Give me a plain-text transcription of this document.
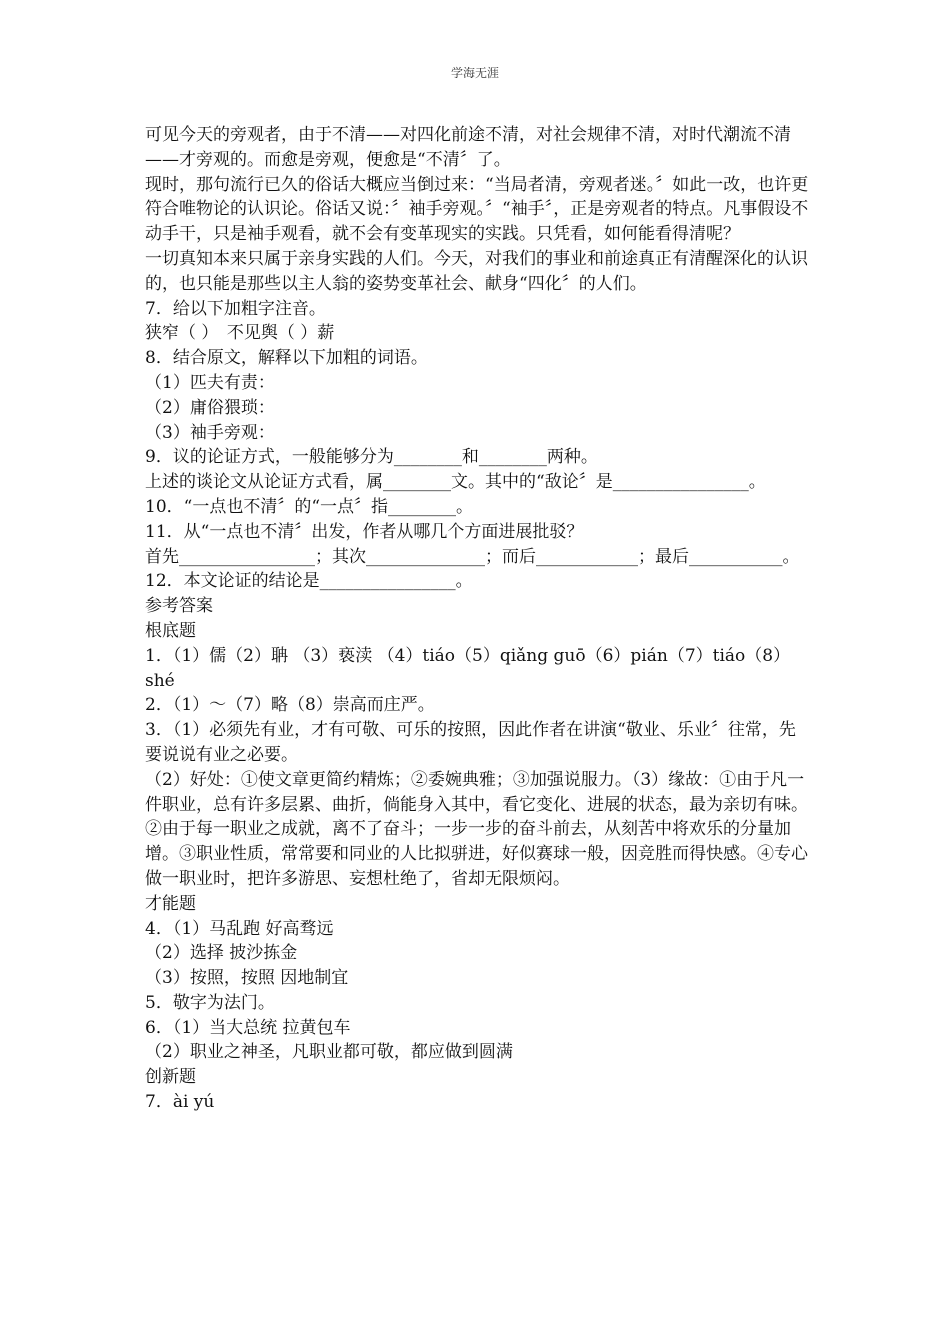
学海无涯

可见今天的旁观者，由于不清——对四化前途不清，对社会规律不清，对时代潮流不清——才旁观的。而愈是旁观，便愈是“不清〞了。

现时，那句流行已久的俗话大概应当倒过来：“当局者清，旁观者迷。〞如此一改，也许更符合唯物论的认识论。俗话又说：〞袖手旁观。〞“袖手〞，正是旁观者的特点。凡事假设不动手干，只是袖手观看，就不会有变革现实的实践。只凭看，如何能看得清呢？

一切真知本来只属于亲身实践的人们。今天，对我们的事业和前途真正有清醒深化的认识的，也只能是那些以主人翁的姿势变革社会、献身“四化〞的人们。

7．给以下加粗字注音。

狭窄（ ）　不见舆（ ）薪

8．结合原文，解释以下加粗的词语。

（1）匹夫有责：

（2）庸俗猥琐：

（3）袖手旁观：

9．议的论证方式，一般能够分为________和________两种。

上述的谈论文从论证方式看，属________文。其中的“敌论〞是________________。

10．“一点也不清〞的“一点〞指________。

11．从“一点也不清〞出发，作者从哪几个方面进展批驳？

首先________________；其次______________；而后____________；最后___________。

12．本文论证的结论是________________。

参考答案

根底题

1．（1）儒（2）聃 （3）亵渎 （4）tiáo（5）qiǎng guō（6）pián（7）tiáo（8）shé

2．（1）～（7）略（8）崇高而庄严。

3．（1）必须先有业，才有可敬、可乐的按照，因此作者在讲演“敬业、乐业〞往常，先要说说有业之必要。

（2）好处：①使文章更简约精炼；②委婉典雅；③加强说服力。（3）缘故：①由于凡一件职业，总有许多层累、曲折，倘能身入其中，看它变化、进展的状态，最为亲切有味。②由于每一职业之成就，离不了奋斗；一步一步的奋斗前去，从刻苦中将欢乐的分量加增。③职业性质，常常要和同业的人比拟骈进，好似赛球一般，因竞胜而得快感。④专心做一职业时，把许多游思、妄想杜绝了，省却无限烦闷。

才能题

4．（1）马乱跑 好高骛远

（2）选择 披沙拣金

（3）按照，按照 因地制宜

5．敬字为法门。

6．（1）当大总统 拉黄包车

（2）职业之神圣，凡职业都可敬，都应做到圆满

创新题

7．ài yú
